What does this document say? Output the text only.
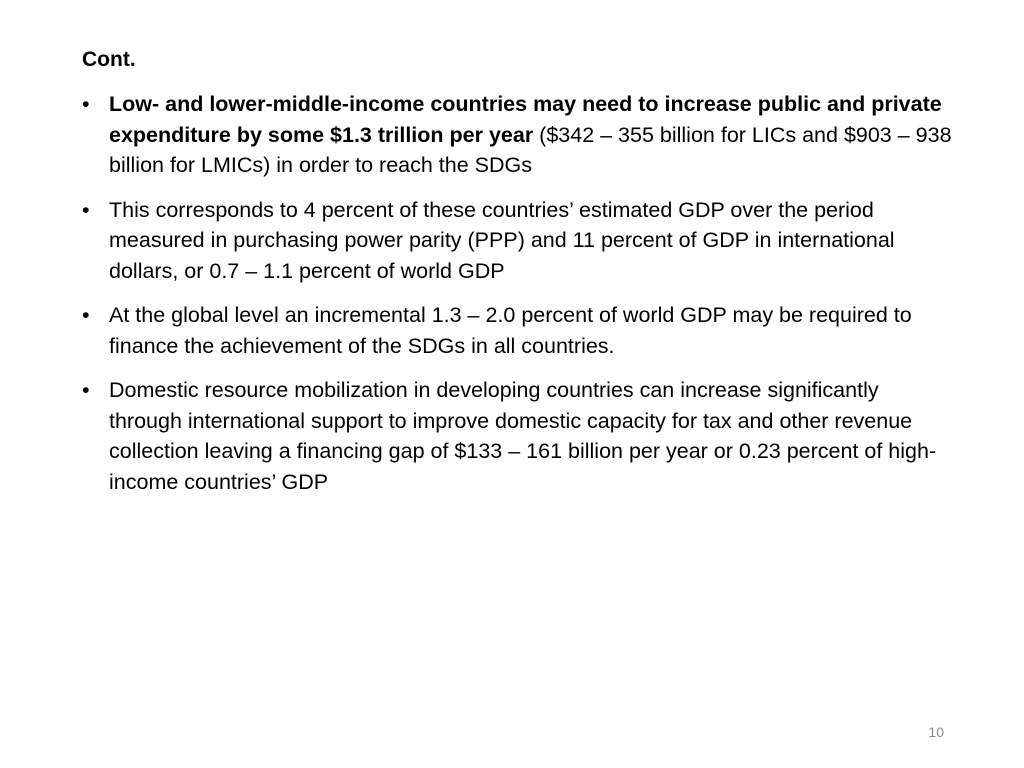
Cont.
• Low- and lower-middle-income countries may need to increase public and private expenditure by some $1.3 trillion per year ($342 – 355 billion for LICs and $903 – 938 billion for LMICs) in order to reach the SDGs
• This corresponds to 4 percent of these countries’ estimated GDP over the period measured in purchasing power parity (PPP) and 11 percent of GDP in international dollars, or 0.7 – 1.1 percent of world GDP
• At the global level an incremental 1.3 – 2.0 percent of world GDP may be required to finance the achievement of the SDGs in all countries.
• Domestic resource mobilization in developing countries can increase significantly through international support to improve domestic capacity for tax and other revenue collection leaving a financing gap of $133 – 161 billion per year or 0.23 percent of high-income countries’ GDP
10
